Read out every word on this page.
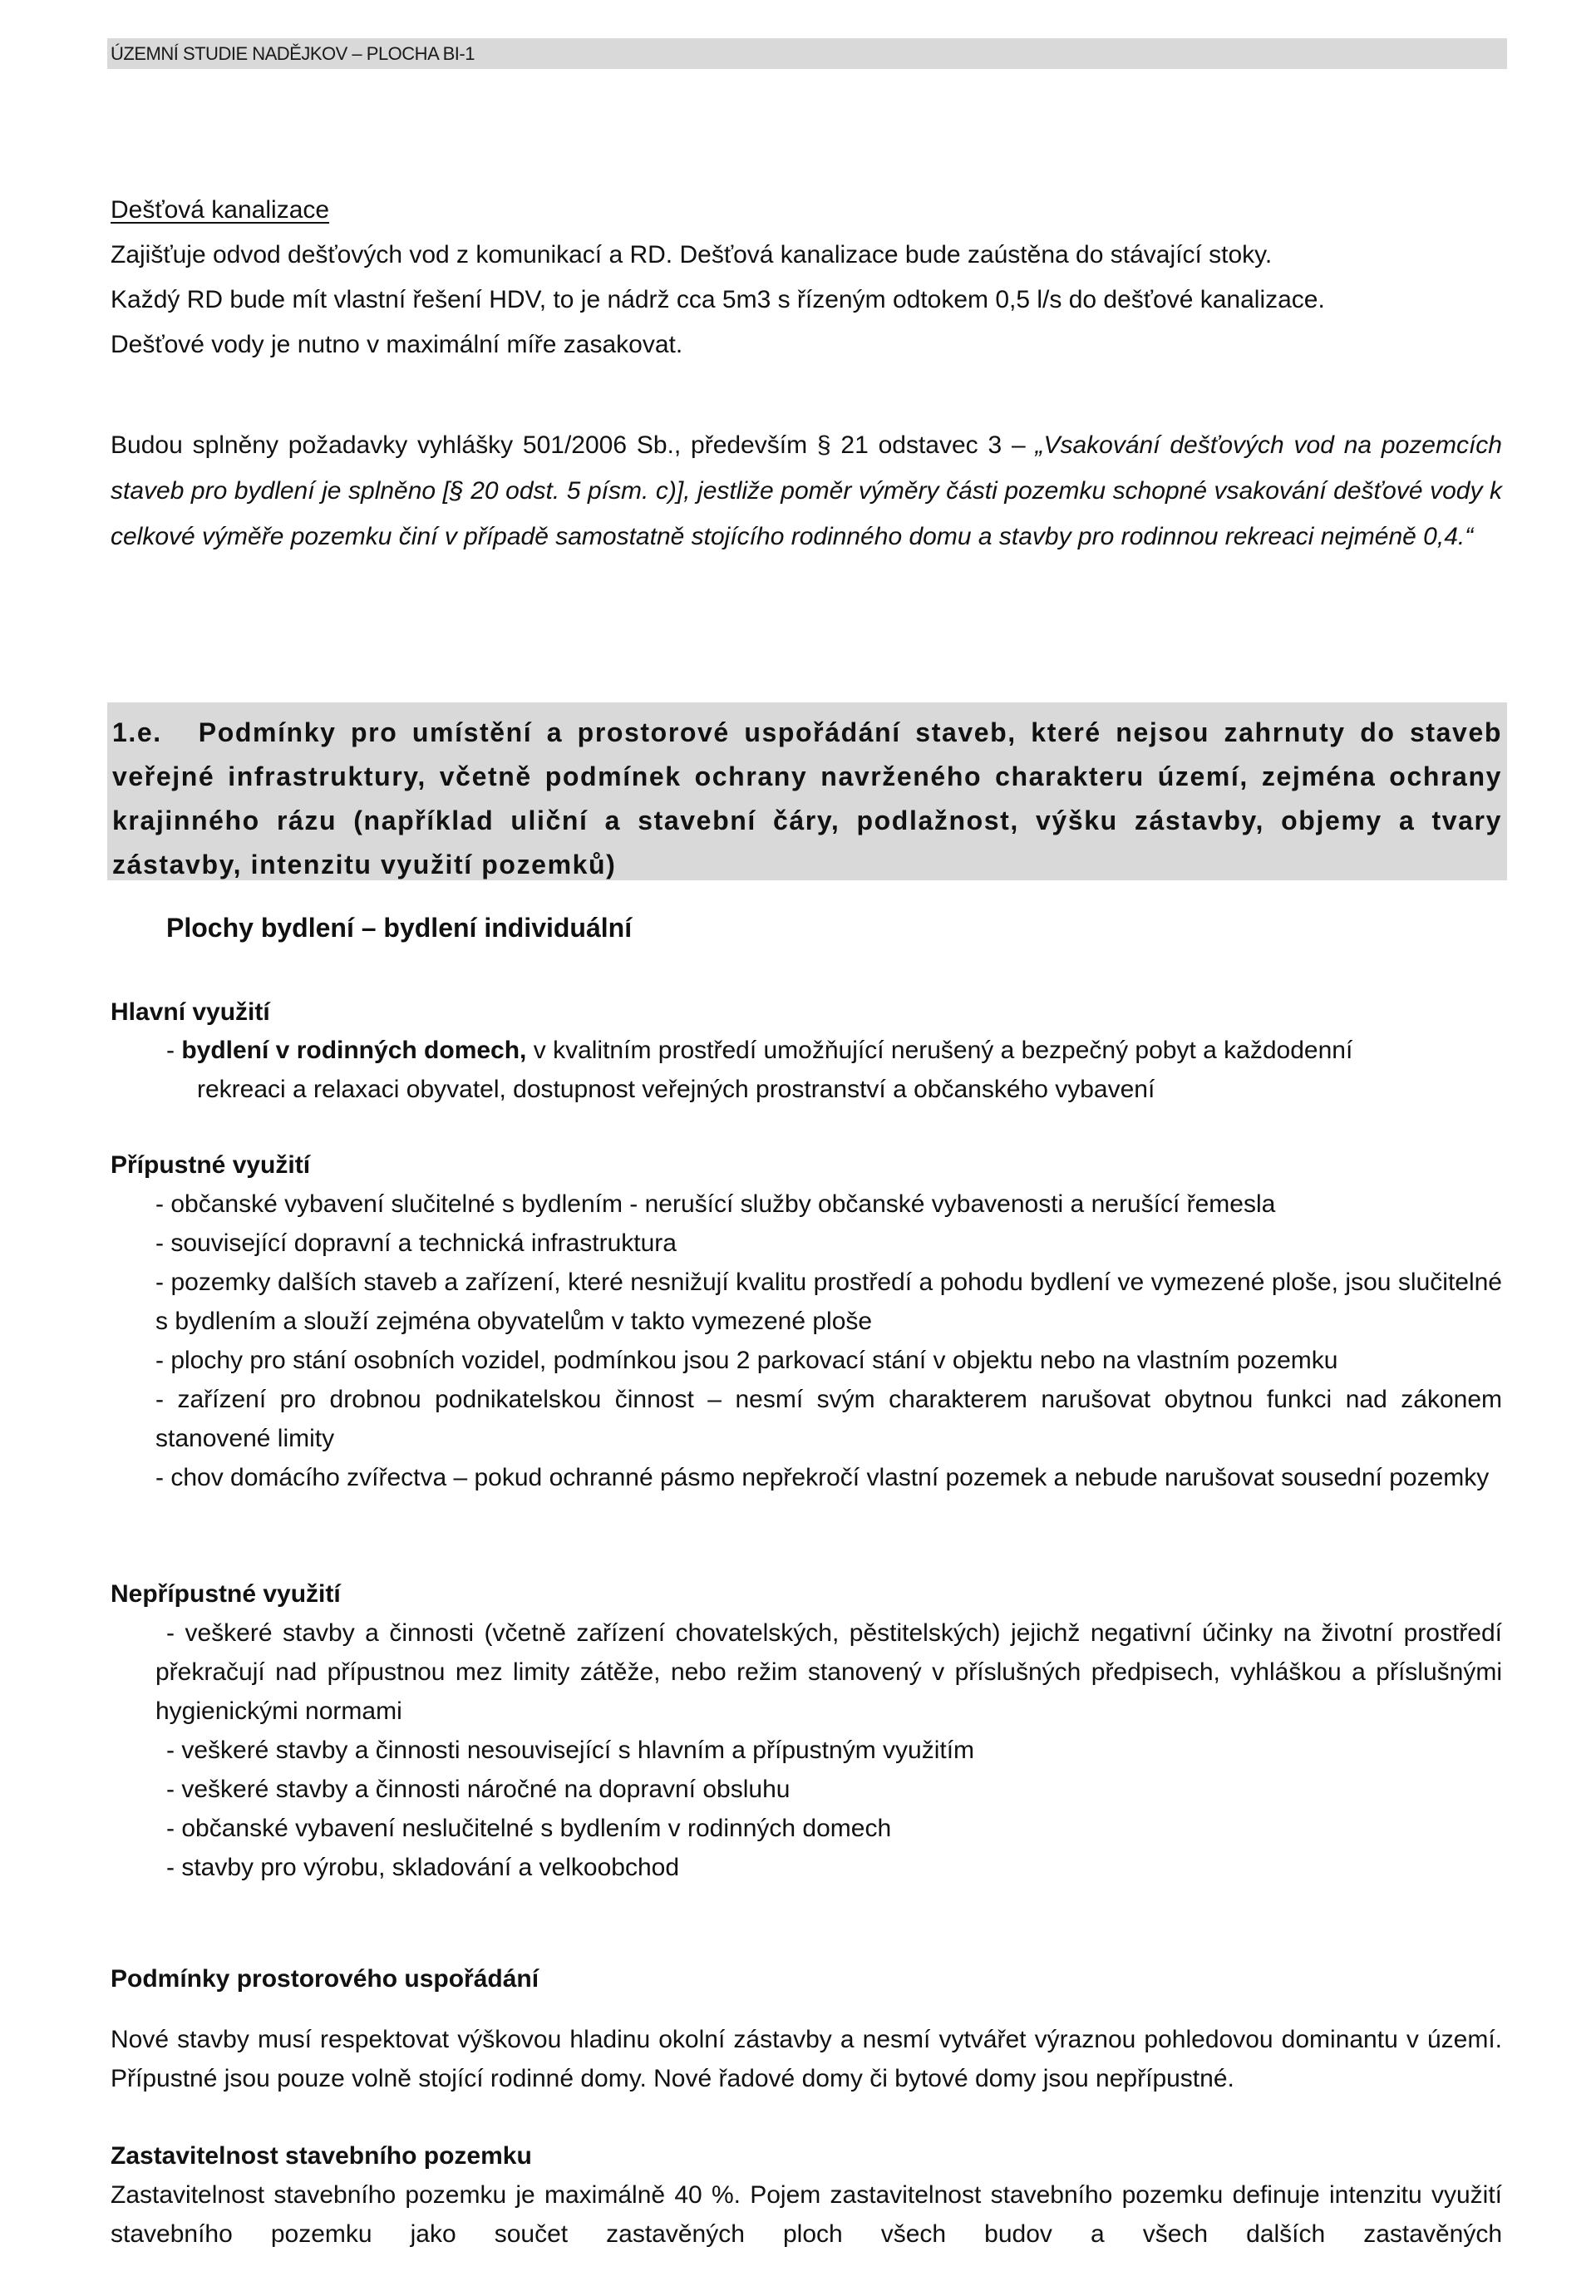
ÚZEMNÍ STUDIE NADĚJKOV – PLOCHA BI-1

Dešťová kanalizace

Zajišťuje odvod dešťových vod z komunikací a RD. Dešťová kanalizace bude zaústěna do stávající stoky.

Každý RD bude mít vlastní řešení HDV, to je nádrž cca 5m3 s řízeným odtokem 0,5 l/s do dešťové kanalizace.

Dešťové vody je nutno v maximální míře zasakovat.

Budou splněny požadavky vyhlášky 501/2006 Sb., především § 21 odstavec 3 – „Vsakování dešťových vod na pozemcích staveb pro bydlení je splněno [§ 20 odst. 5 písm. c)], jestliže poměr výměry části pozemku schopné vsakování dešťové vody k celkové výměře pozemku činí v případě samostatně stojícího rodinného domu a stavby pro rodinnou rekreaci nejméně 0,4.“

1.e. Podmínky pro umístění a prostorové uspořádání staveb, které nejsou zahrnuty do staveb veřejné infrastruktury, včetně podmínek ochrany navrženého charakteru území, zejména ochrany krajinného rázu (například uliční a stavební čáry, podlažnost, výšku zástavby, objemy a tvary zástavby, intenzitu využití pozemků)

Plochy bydlení – bydlení individuální
Hlavní využití
- bydlení v rodinných domech, v kvalitním prostředí umožňující nerušený a bezpečný pobyt a každodenní
rekreaci a relaxaci obyvatel, dostupnost veřejných prostranství a občanského vybavení
Přípustné využití
- občanské vybavení slučitelné s bydlením - nerušící služby občanské vybavenosti a nerušící řemesla
- související dopravní a technická infrastruktura
- pozemky dalších staveb a zařízení, které nesnižují kvalitu prostředí a pohodu bydlení ve vymezené ploše, jsou slučitelné s bydlením a slouží zejména obyvatelům v takto vymezené ploše
- plochy pro stání osobních vozidel, podmínkou jsou 2 parkovací stání v objektu nebo na vlastním pozemku
- zařízení pro drobnou podnikatelskou činnost – nesmí svým charakterem narušovat obytnou funkci nad zákonem stanovené limity
- chov domácího zvířectva – pokud ochranné pásmo nepřekročí vlastní pozemek a nebude narušovat sousední pozemky
Nepřípustné využití
- veškeré stavby a činnosti (včetně zařízení chovatelských, pěstitelských) jejichž negativní účinky na životní prostředí překračují nad přípustnou mez limity zátěže, nebo režim stanovený v příslušných předpisech, vyhláškou a příslušnými hygienickými normami
- veškeré stavby a činnosti nesouvisející s hlavním a přípustným využitím
- veškeré stavby a činnosti náročné na dopravní obsluhu
- občanské vybavení neslučitelné s bydlením v rodinných domech
- stavby pro výrobu, skladování a velkoobchod
Podmínky prostorového uspořádání
Nové stavby musí respektovat výškovou hladinu okolní zástavby a nesmí vytvářet výraznou pohledovou dominantu v území. Přípustné jsou pouze volně stojící rodinné domy. Nové řadové domy či bytové domy jsou nepřípustné.
Zastavitelnost stavebního pozemku
Zastavitelnost stavebního pozemku je maximálně 40 %. Pojem zastavitelnost stavebního pozemku definuje intenzitu využití stavebního pozemku jako součet zastavěných ploch všech budov a všech dalších zastavěných
